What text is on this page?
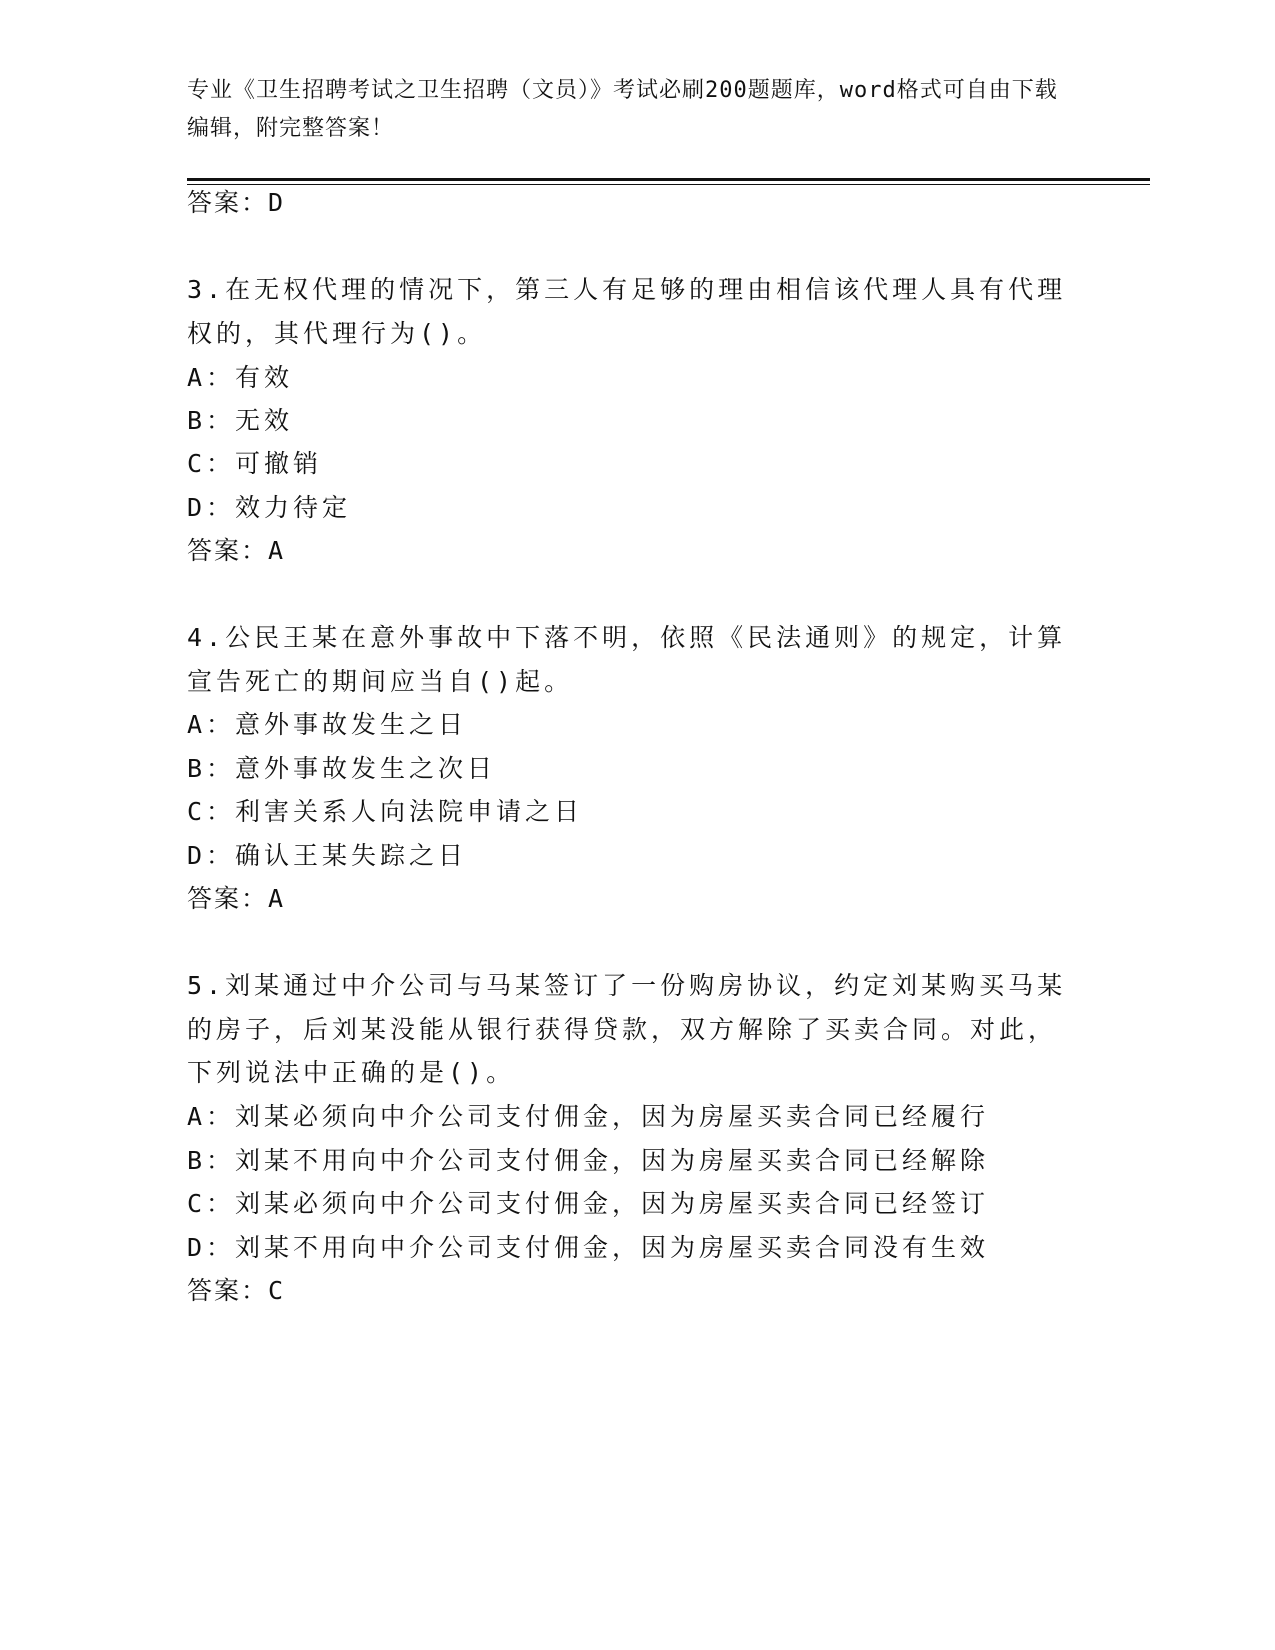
专业《卫生招聘考试之卫生招聘（文员）》考试必刷200题题库，word格式可自由下载编辑，附完整答案！
答案：D
3.在无权代理的情况下，第三人有足够的理由相信该代理人具有代理
权的，其代理行为()。
A：有效
B：无效
C：可撤销
D：效力待定
答案：A
4.公民王某在意外事故中下落不明，依照《民法通则》的规定，计算
宣告死亡的期间应当自()起。
A：意外事故发生之日
B：意外事故发生之次日
C：利害关系人向法院申请之日
D：确认王某失踪之日
答案：A
5.刘某通过中介公司与马某签订了一份购房协议，约定刘某购买马某
的房子，后刘某没能从银行获得贷款，双方解除了买卖合同。对此，
下列说法中正确的是()。
A：刘某必须向中介公司支付佣金，因为房屋买卖合同已经履行
B：刘某不用向中介公司支付佣金，因为房屋买卖合同已经解除
C：刘某必须向中介公司支付佣金，因为房屋买卖合同已经签订
D：刘某不用向中介公司支付佣金，因为房屋买卖合同没有生效
答案：C
